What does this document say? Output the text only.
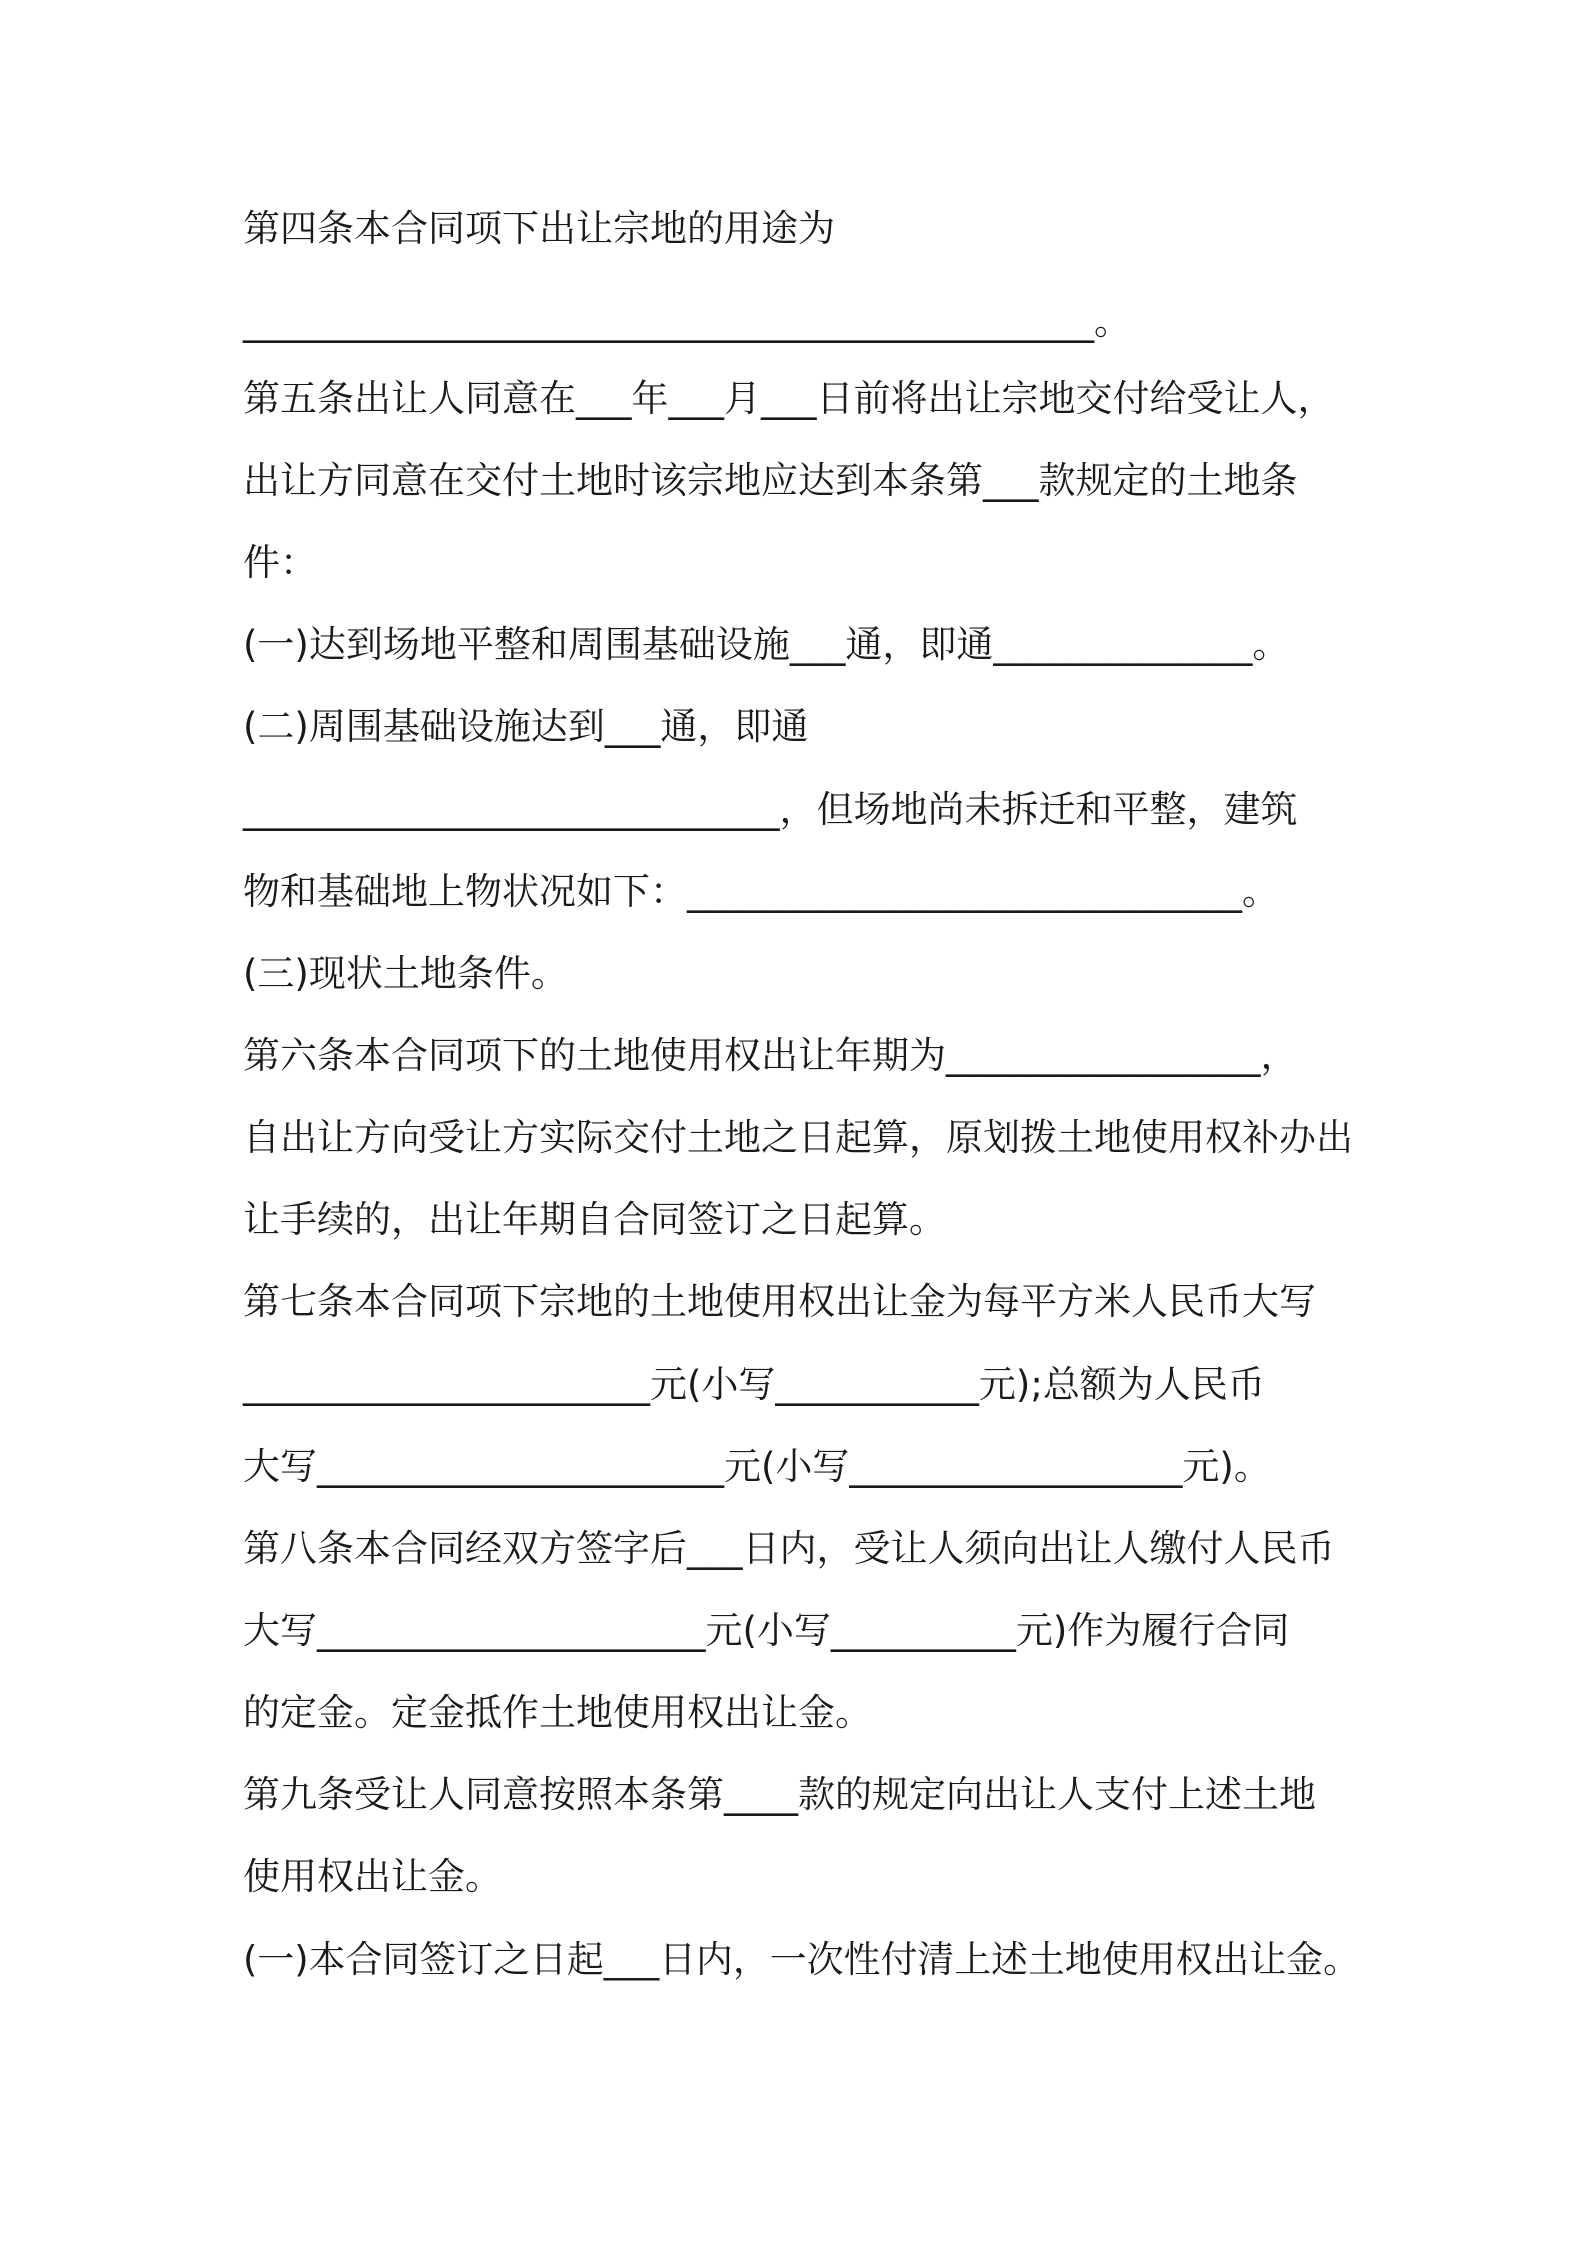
第四条本合同项下出让宗地的用途为
______________________________________________。
第五条出让人同意在___年___月___日前将出让宗地交付给受让人，
出让方同意在交付土地时该宗地应达到本条第___款规定的土地条
件：
(一)达到场地平整和周围基础设施___通，即通______________。
(二)周围基础设施达到___通，即通
_____________________________，但场地尚未拆迁和平整，建筑
物和基础地上物状况如下：______________________________。
(三)现状土地条件。
第六条本合同项下的土地使用权出让年期为_________________，
自出让方向受让方实际交付土地之日起算，原划拨土地使用权补办出
让手续的，出让年期自合同签订之日起算。
第七条本合同项下宗地的土地使用权出让金为每平方米人民币大写
______________________元(小写___________元);总额为人民币
大写______________________元(小写__________________元)。
第八条本合同经双方签字后___日内，受让人须向出让人缴付人民币
大写_____________________元(小写__________元)作为履行合同
的定金。定金抵作土地使用权出让金。
第九条受让人同意按照本条第____款的规定向出让人支付上述土地
使用权出让金。
(一)本合同签订之日起___日内，一次性付清上述土地使用权出让金。
